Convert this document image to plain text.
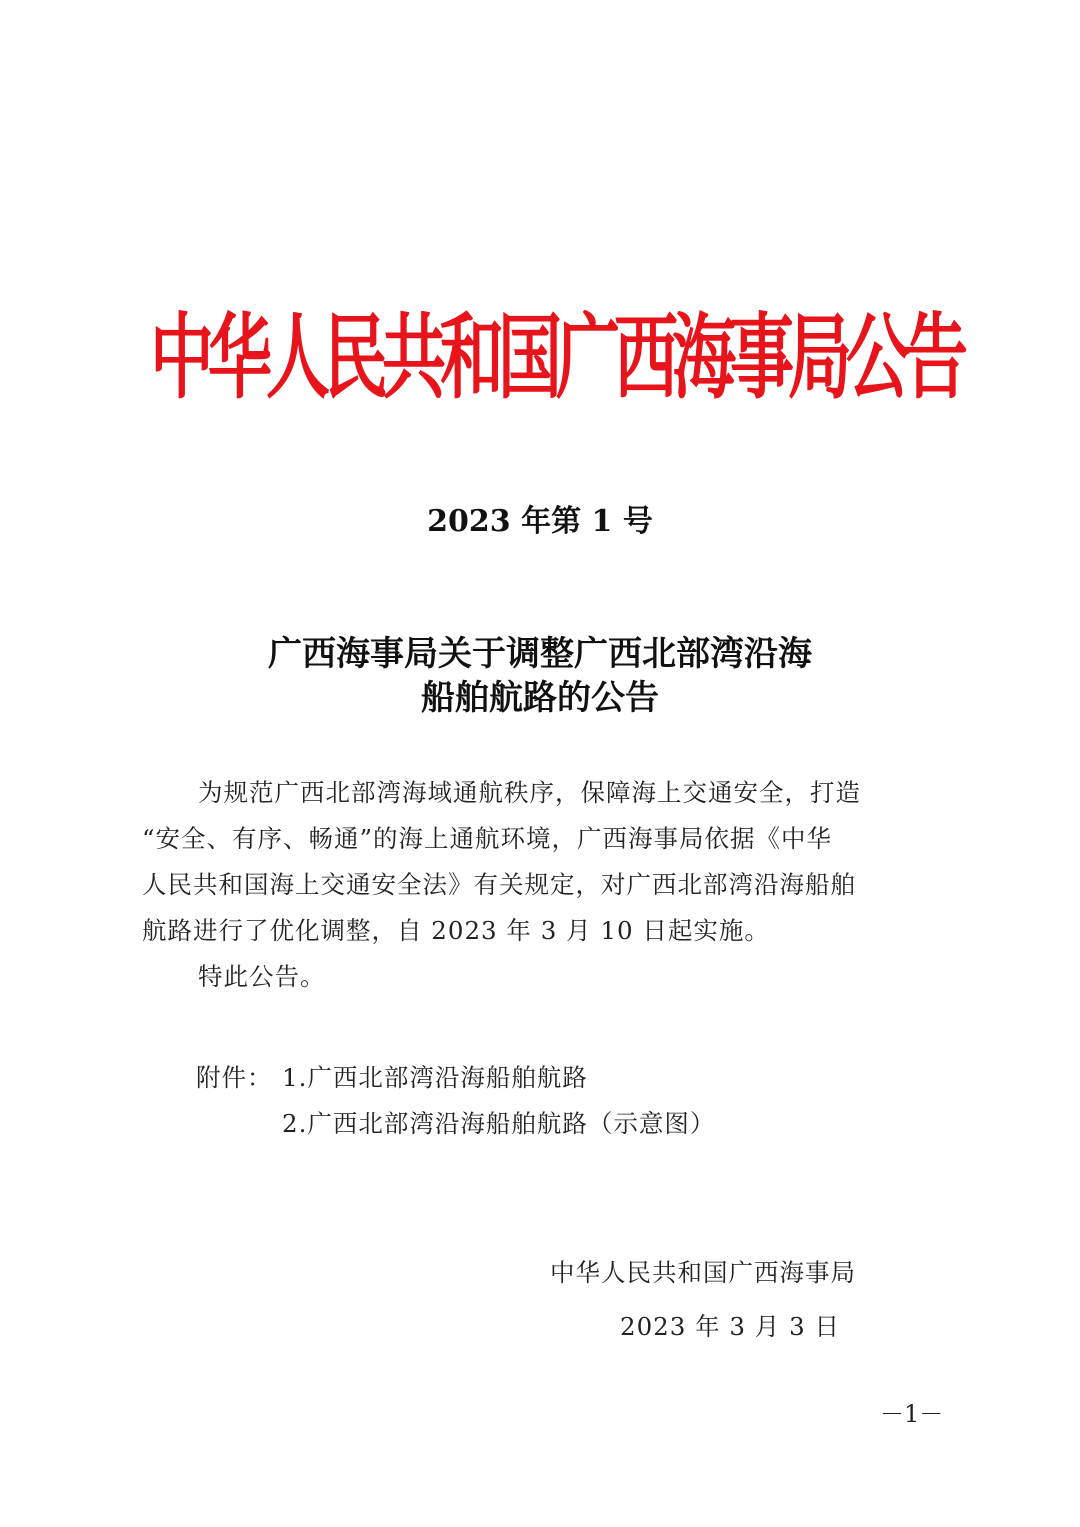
中华人民共和国广西海事局公告
2023 年第 1 号
广西海事局关于调整广西北部湾沿海
船舶航路的公告
为规范广西北部湾海域通航秩序，保障海上交通安全，打造
“安全、有序、畅通”的海上通航环境，广西海事局依据《中华
人民共和国海上交通安全法》有关规定，对广西北部湾沿海船舶
航路进行了优化调整，自 2023 年 3 月 10 日起实施。
特此公告。
附件： 1.广西北部湾沿海船舶航路
2.广西北部湾沿海船舶航路（示意图）
中华人民共和国广西海事局
2023 年 3 月 3 日
－1－
